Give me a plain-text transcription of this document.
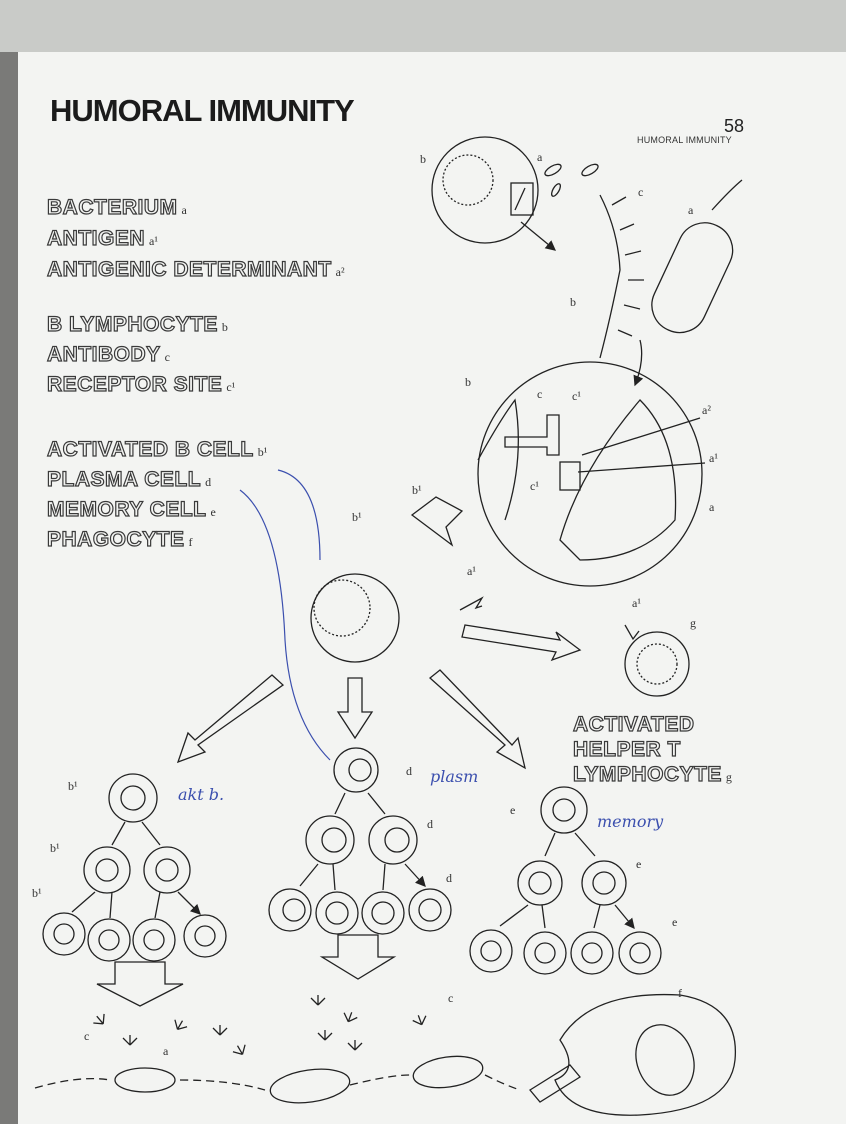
HUMORAL IMMUNITY	58
HUMORAL IMMUNITY
BACTERIUM a
ANTIGEN a¹
ANTIGENIC DETERMINANT a²
B LYMPHOCYTE b
ANTIBODY c
RECEPTOR SITE c¹
ACTIVATED B CELL b¹
PLASMA CELL d
MEMORY CELL e
PHAGOCYTE f
ACTIVATED
HELPER T
LYMPHOCYTE g
b	a
c
a
b
b
c c¹
a²
a¹
c¹
a
b¹
b¹
a¹
a¹
g
b¹
b¹
b¹
d
d
d
e
e
e
c
c
a
f
akt b.
plasm
memory
